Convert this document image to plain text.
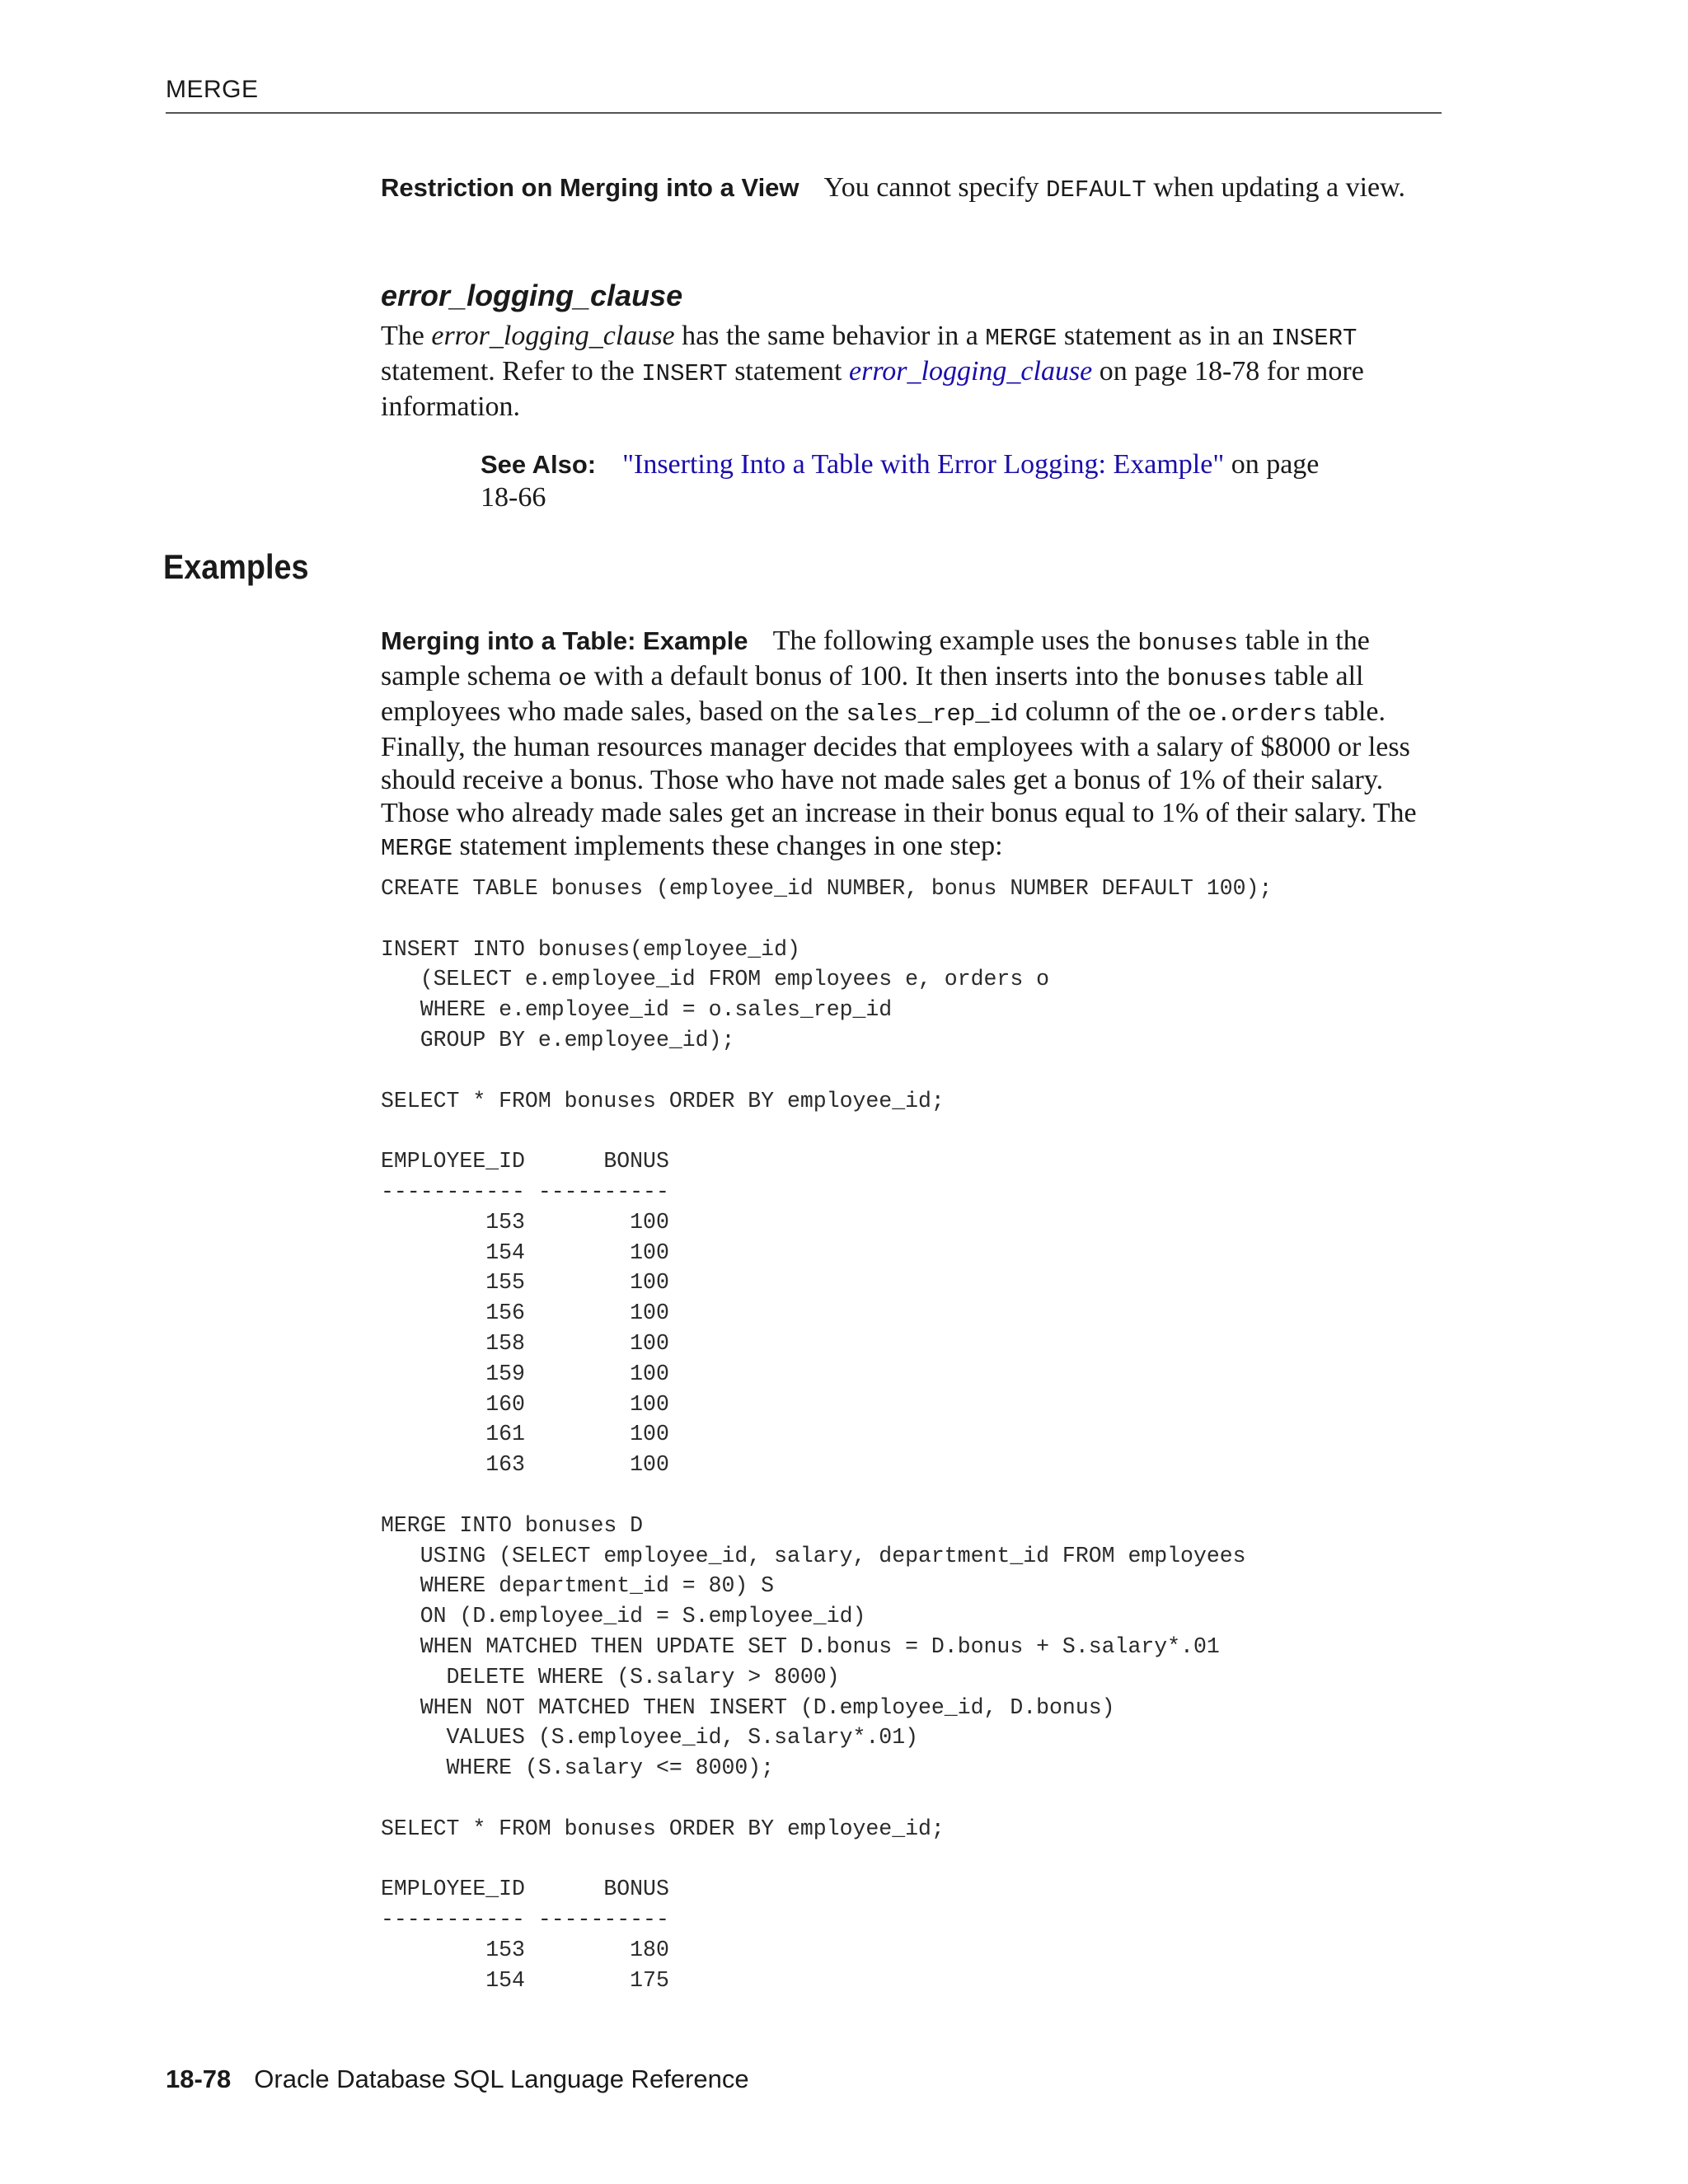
MERGE
Restriction on Merging into a View You cannot specify DEFAULT when updating a view.
error_logging_clause
The error_logging_clause has the same behavior in a MERGE statement as in an INSERT statement. Refer to the INSERT statement error_logging_clause on page 18-78 for more information.
See Also: "Inserting Into a Table with Error Logging: Example" on page 18-66
Examples
Merging into a Table: Example The following example uses the bonuses table in the sample schema oe with a default bonus of 100. It then inserts into the bonuses table all employees who made sales, based on the sales_rep_id column of the oe.orders table. Finally, the human resources manager decides that employees with a salary of $8000 or less should receive a bonus. Those who have not made sales get a bonus of 1% of their salary. Those who already made sales get an increase in their bonus equal to 1% of their salary. The MERGE statement implements these changes in one step:
CREATE TABLE bonuses (employee_id NUMBER, bonus NUMBER DEFAULT 100);

INSERT INTO bonuses(employee_id)
(SELECT e.employee_id FROM employees e, orders o
WHERE e.employee_id = o.sales_rep_id
GROUP BY e.employee_id);

SELECT * FROM bonuses ORDER BY employee_id;

EMPLOYEE_ID      BONUS
----------- ----------
153        100
154        100
155        100
156        100
158        100
159        100
160        100
161        100
163        100

MERGE INTO bonuses D
USING (SELECT employee_id, salary, department_id FROM employees
WHERE department_id = 80) S
ON (D.employee_id = S.employee_id)
WHEN MATCHED THEN UPDATE SET D.bonus = D.bonus + S.salary*.01
DELETE WHERE (S.salary > 8000)
WHEN NOT MATCHED THEN INSERT (D.employee_id, D.bonus)
VALUES (S.employee_id, S.salary*.01)
WHERE (S.salary <= 8000);

SELECT * FROM bonuses ORDER BY employee_id;

EMPLOYEE_ID      BONUS
----------- ----------
153        180
154        175
18-78 Oracle Database SQL Language Reference
